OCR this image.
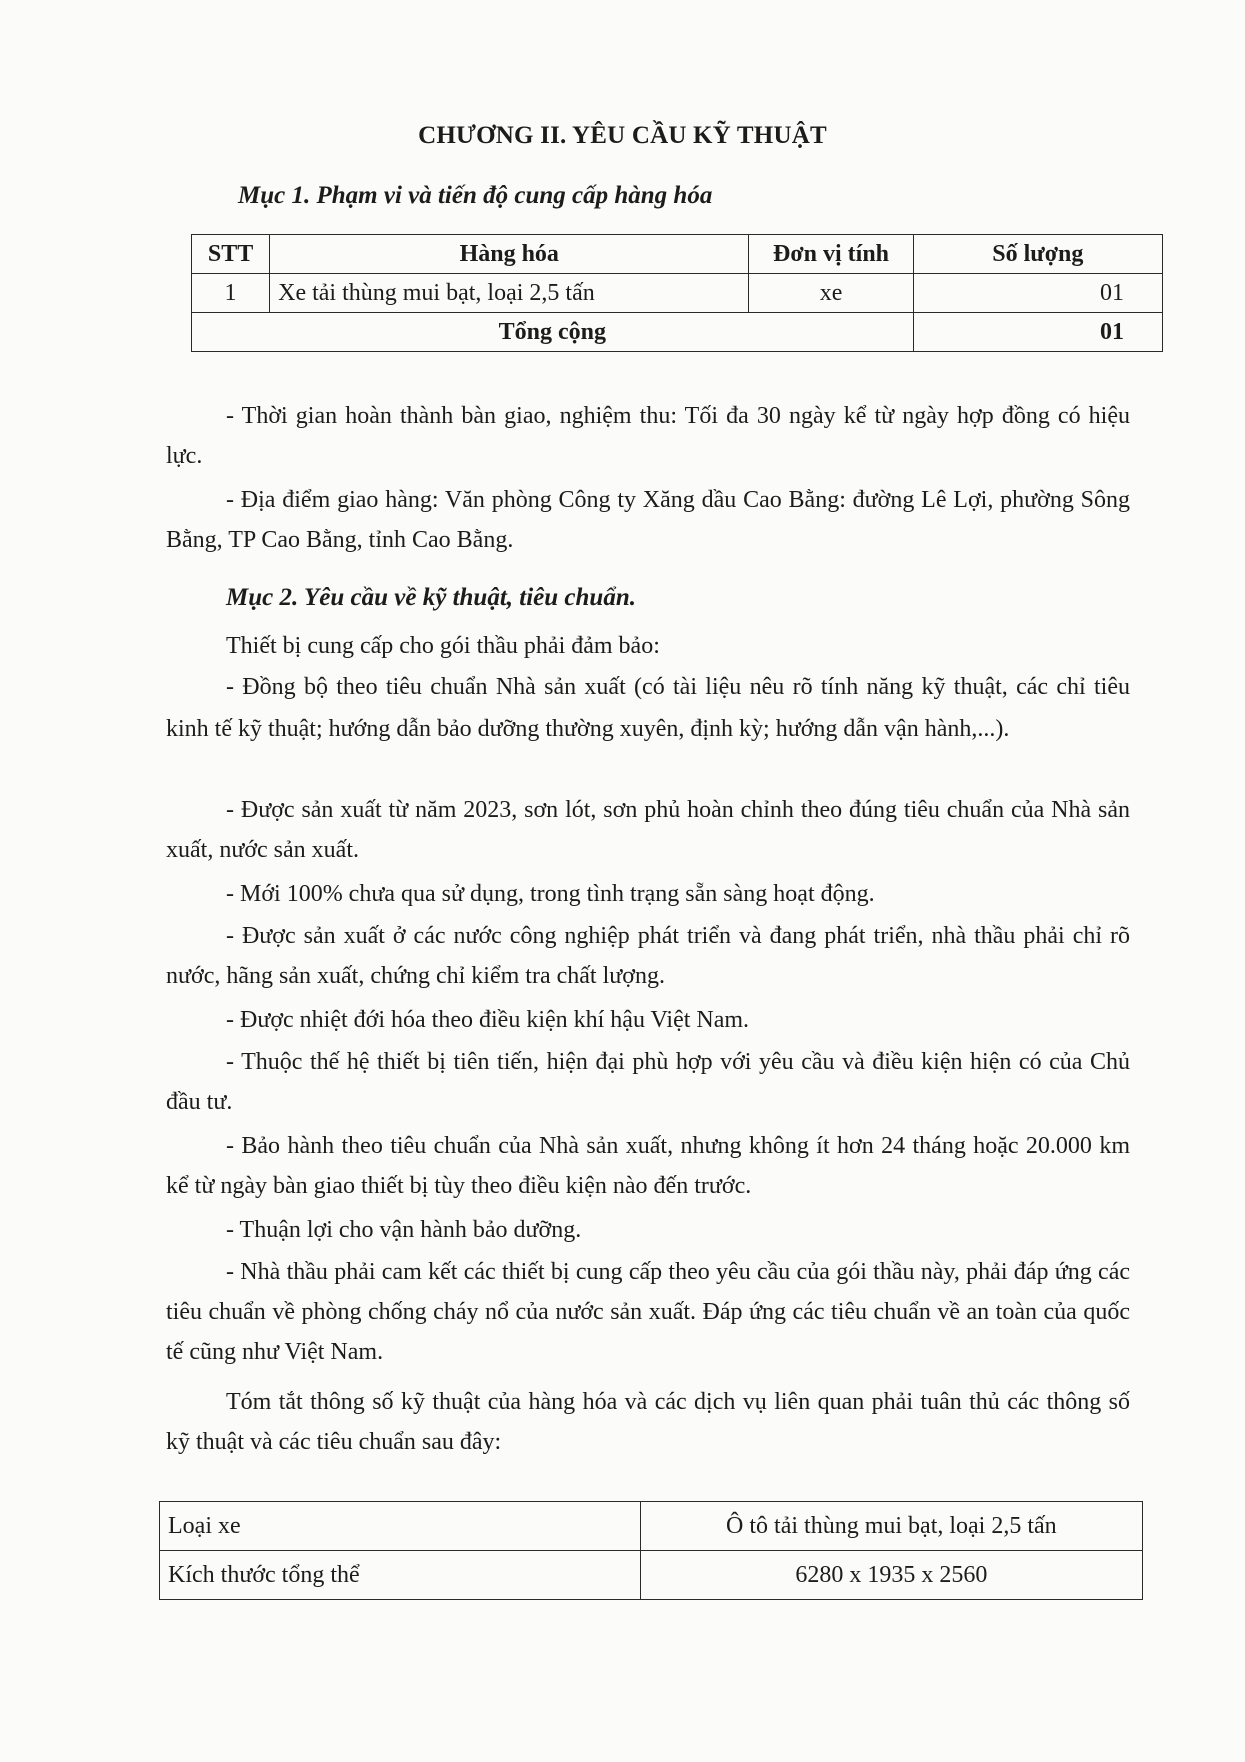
CHƯƠNG II. YÊU CẦU KỸ THUẬT
Mục 1. Phạm vi và tiến độ cung cấp hàng hóa
STT	Hàng hóa	Đơn vị tính	Số lượng
1	Xe tải thùng mui bạt, loại 2,5 tấn	xe	01
Tổng cộng			01

- Thời gian hoàn thành bàn giao, nghiệm thu: Tối đa 30 ngày kể từ ngày hợp đồng có hiệu lực.

- Địa điểm giao hàng: Văn phòng Công ty Xăng dầu Cao Bằng: đường Lê Lợi, phường Sông Bằng, TP Cao Bằng, tỉnh Cao Bằng.

Mục 2. Yêu cầu về kỹ thuật, tiêu chuẩn.

Thiết bị cung cấp cho gói thầu phải đảm bảo:

- Đồng bộ theo tiêu chuẩn Nhà sản xuất (có tài liệu nêu rõ tính năng kỹ thuật, các chỉ tiêu kinh tế kỹ thuật; hướng dẫn bảo dưỡng thường xuyên, định kỳ; hướng dẫn vận hành,...).

- Được sản xuất từ năm 2023, sơn lót, sơn phủ hoàn chỉnh theo đúng tiêu chuẩn của Nhà sản xuất, nước sản xuất.

- Mới 100% chưa qua sử dụng, trong tình trạng sẵn sàng hoạt động.

- Được sản xuất ở các nước công nghiệp phát triển và đang phát triển, nhà thầu phải chỉ rõ nước, hãng sản xuất, chứng chỉ kiểm tra chất lượng.

- Được nhiệt đới hóa theo điều kiện khí hậu Việt Nam.

- Thuộc thế hệ thiết bị tiên tiến, hiện đại phù hợp với yêu cầu và điều kiện hiện có của Chủ đầu tư.

- Bảo hành theo tiêu chuẩn của Nhà sản xuất, nhưng không ít hơn 24 tháng hoặc 20.000 km kể từ ngày bàn giao thiết bị tùy theo điều kiện nào đến trước.

- Thuận lợi cho vận hành bảo dưỡng.

- Nhà thầu phải cam kết các thiết bị cung cấp theo yêu cầu của gói thầu này, phải đáp ứng các tiêu chuẩn về phòng chống cháy nổ của nước sản xuất. Đáp ứng các tiêu chuẩn về an toàn của quốc tế cũng như Việt Nam.

Tóm tắt thông số kỹ thuật của hàng hóa và các dịch vụ liên quan phải tuân thủ các thông số kỹ thuật và các tiêu chuẩn sau đây:

Loại xe	Ô tô tải thùng mui bạt, loại 2,5 tấn
Kích thước tổng thể	6280 x 1935 x 2560
